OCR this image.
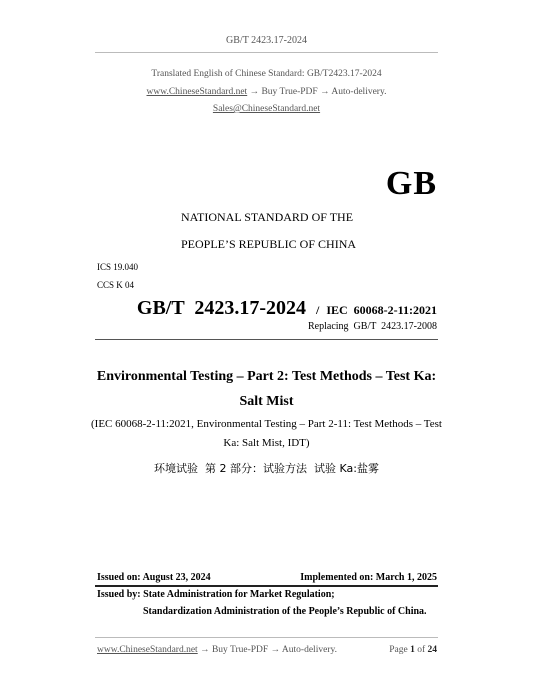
GB/T 2423.17-2024
Translated English of Chinese Standard: GB/T2423.17-2024
www.ChineseStandard.net → Buy True-PDF → Auto-delivery.
Sales@ChineseStandard.net
GB
NATIONAL STANDARD OF THE
PEOPLE’S REPUBLIC OF CHINA
ICS 19.040
CCS K 04
GB/T  2423.17-2024 / IEC  60068-2-11:2021
Replacing  GB/T  2423.17-2008
Environmental Testing – Part 2: Test Methods – Test Ka:
Salt Mist
(IEC 60068-2-11:2021, Environmental Testing – Part 2-11: Test Methods – Test
Ka: Salt Mist, IDT)
环境试验  第 2 部分：试验方法  试验 Ka:盐雾
Issued on: August 23, 2024	Implemented on: March 1, 2025
Issued by: State Administration for Market Regulation;
Standardization Administration of the People’s Republic of China.
www.ChineseStandard.net → Buy True-PDF → Auto-delivery.	Page 1 of 24
